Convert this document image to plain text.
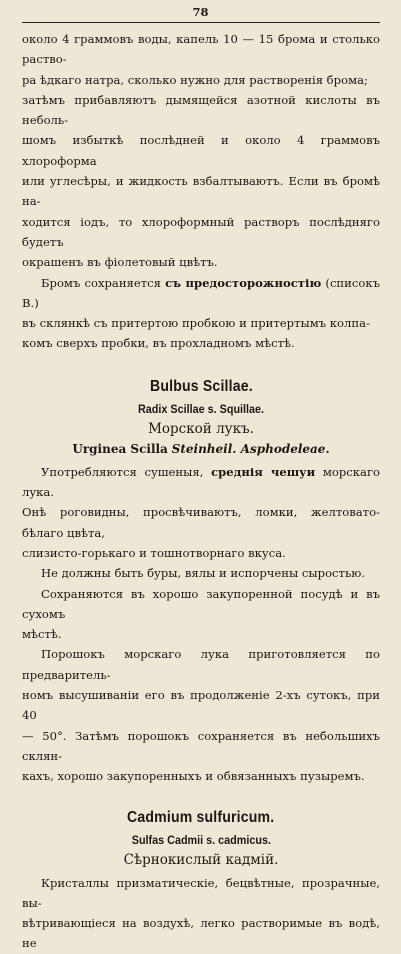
78

около 4 граммовъ воды, капель 10 — 15 брома и столько раство-

ра ѣдкаго натра, сколько нужно для растворенія брома;

затѣмъ прибавляютъ дымящейся азотной кислоты въ неболь-

шомъ избыткѣ послѣдней и около 4 граммовъ хлороформа

или углесѣры, и жидкость взбалтываютъ. Если въ бромѣ на-

ходится іодъ, то хлороформный растворъ послѣдняго будетъ

окрашенъ въ фіолетовый цвѣтъ.

Бромъ сохраняется съ предосторожностію (списокъ В.)

въ склянкѣ съ притертою пробкою и притертымъ колпа-

комъ сверхъ пробки, въ прохладномъ мѣстѣ.

Bulbus Scillae.
Radix Scillae s. Squillae.
Морской лукъ.
Urginea Scilla Steinheil. Asphodeleae.

Употребляются сушеныя, среднія чешуи морскаго лука.

Онѣ роговидны, просвѣчиваютъ, ломки, желтовато-бѣлаго цвѣта,

слизисто-горькаго и тошнотворнаго вкуса.

Не должны быть буры, вялы и испорчены сыростью.

Сохраняются въ хорошо закупоренной посудѣ и въ сухомъ

мѣстѣ.

Порошокъ морскаго лука приготовляется по предваритель-

номъ высушиваніи его въ продолженіе 2-хъ сутокъ, при 40

— 50°. Затѣмъ порошокъ сохраняется въ небольшихъ склян-

кахъ, хорошо закупоренныхъ и обвязанныхъ пузыремъ.

Cadmium sulfuricum.
Sulfas Cadmii s. cadmicus.
Сѣрнокислый кадмій.

Кристаллы призматическіе, бецвѣтные, прозрачные, вы-

вѣтривающіеся на воздухѣ, легко растворимые въ водѣ, не
